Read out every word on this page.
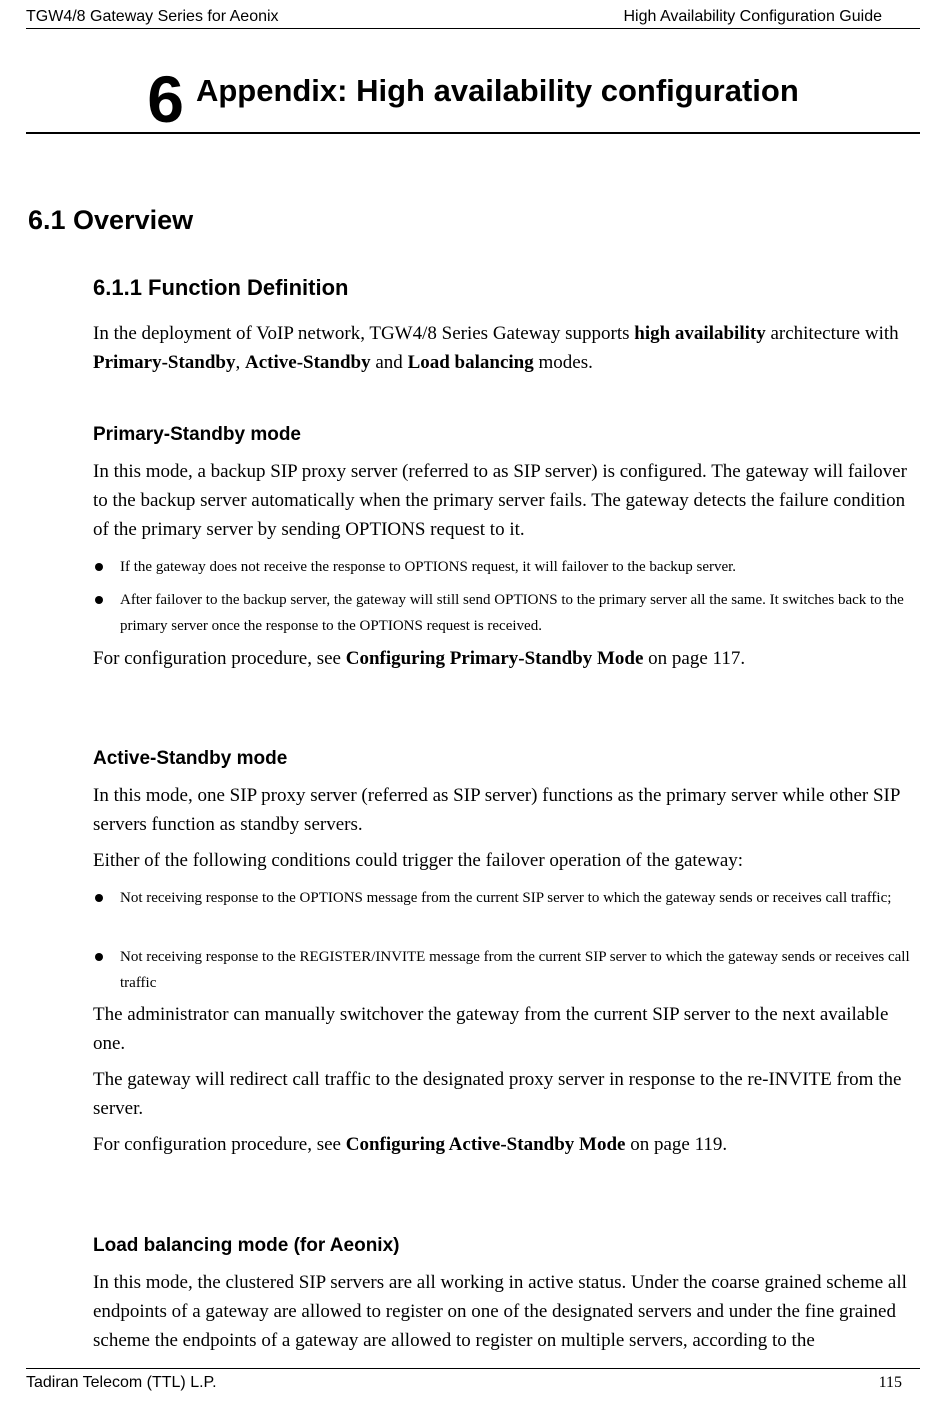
TGW4/8 Gateway Series for Aeonix	High Availability Configuration Guide
6 Appendix: High availability configuration
6.1 Overview
6.1.1 Function Definition

In the deployment of VoIP network, TGW4/8 Series Gateway supports high availability architecture with Primary-Standby, Active-Standby and Load balancing modes.

Primary-Standby mode

In this mode, a backup SIP proxy server (referred to as SIP server) is configured. The gateway will failover to the backup server automatically when the primary server fails. The gateway detects the failure condition of the primary server by sending OPTIONS request to it.

If the gateway does not receive the response to OPTIONS request, it will failover to the backup server.
After failover to the backup server, the gateway will still send OPTIONS to the primary server all the same. It switches back to the primary server once the response to the OPTIONS request is received.

For configuration procedure, see Configuring Primary-Standby Mode on page 117.

Active-Standby mode

In this mode, one SIP proxy server (referred as SIP server) functions as the primary server while other SIP servers function as standby servers.

Either of the following conditions could trigger the failover operation of the gateway:

Not receiving response to the OPTIONS message from the current SIP server to which the gateway sends or receives call traffic;
Not receiving response to the REGISTER/INVITE message from the current SIP server to which the gateway sends or receives call traffic

The administrator can manually switchover the gateway from the current SIP server to the next available one.

The gateway will redirect call traffic to the designated proxy server in response to the re-INVITE from the server.

For configuration procedure, see Configuring Active-Standby Mode on page 119.

Load balancing mode (for Aeonix)

In this mode, the clustered SIP servers are all working in active status. Under the coarse grained scheme all endpoints of a gateway are allowed to register on one of the designated servers and under the fine grained scheme the endpoints of a gateway are allowed to register on multiple servers, according to the

Tadiran Telecom (TTL) L.P.	115
